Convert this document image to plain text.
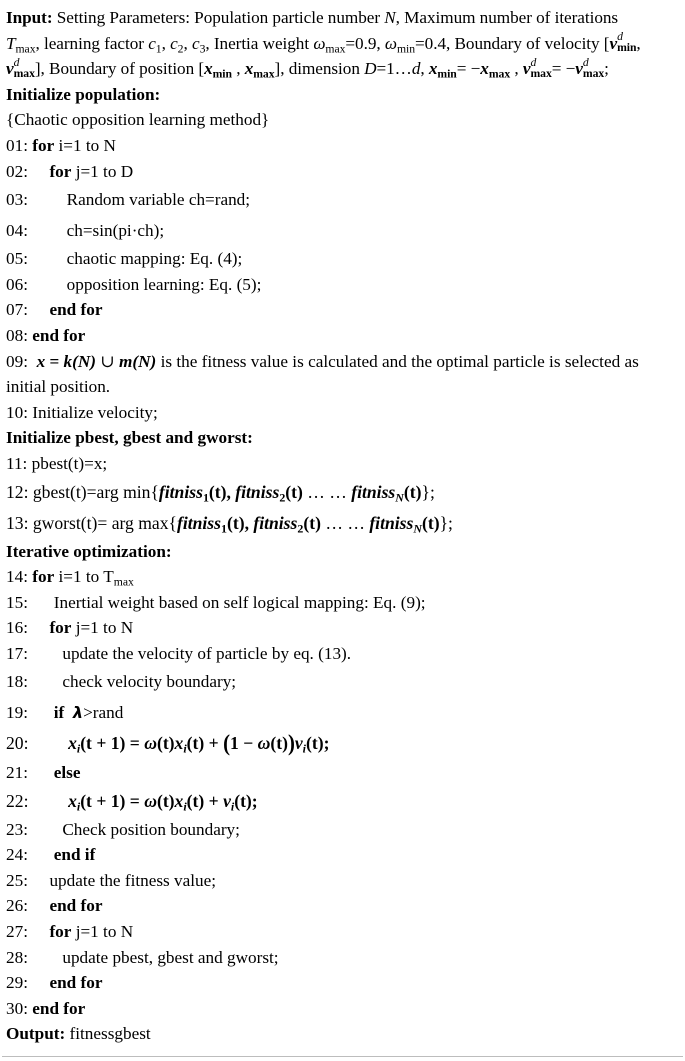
Input: Setting Parameters: Population particle number N, Maximum number of iterations
$T_{max}$, learning factor $c_1$, $c_2$, $c_3$, Inertia weight $\omega_{max}=0.9$, $\omega_{min}=0.4$, Boundary of velocity [v d
min,
v d
max], Boundary of position [$x_{min}$ , $x_{max}$], dimension D=1…d, $x_{min}= -x_{max}$ , v d
max= −v d
max;
Initialize population:
{Chaotic opposition learning method}
01: for i=1 to N
02: for j=1 to D
03: Random variable ch=rand;
04: ch=sin(pi·ch);
05: chaotic mapping: Eq. (4);
06: opposition learning: Eq. (5);
07: end for
08: end for
09: x = k(N) ∪ m(N) is the fitness value is calculated and the optimal particle is selected as
initial position.
10: Initialize velocity;
Initialize pbest, gbest and gworst:
11: pbest(t)=x;
12: gbest(t)=arg min{fitniss$_1$(t), fitniss$_2$(t) … … fitniss$_N$(t)};
13: gworst(t)= arg max{fitniss$_1$(t), fitniss$_2$(t) … … fitniss$_N$(t)};
Iterative optimization:
14: for i=1 to $T_{max}$
15: Inertial weight based on self logical mapping: Eq. (9);
16: for j=1 to N
17: update the velocity of particle by eq. (13).
18: check velocity boundary;
19: if λ>rand
20: $x_i(t + 1) = \omega(t)x_i(t) + (1 - \omega(t))v_i(t)$;
21: else
22: $x_i(t + 1) = \omega(t)x_i(t) + v_i(t)$;
23: Check position boundary;
24: end if
25: update the fitness value;
26: end for
27: for j=1 to N
28: update pbest, gbest and gworst;
29: end for
30: end for
Output: fitnessgbest
